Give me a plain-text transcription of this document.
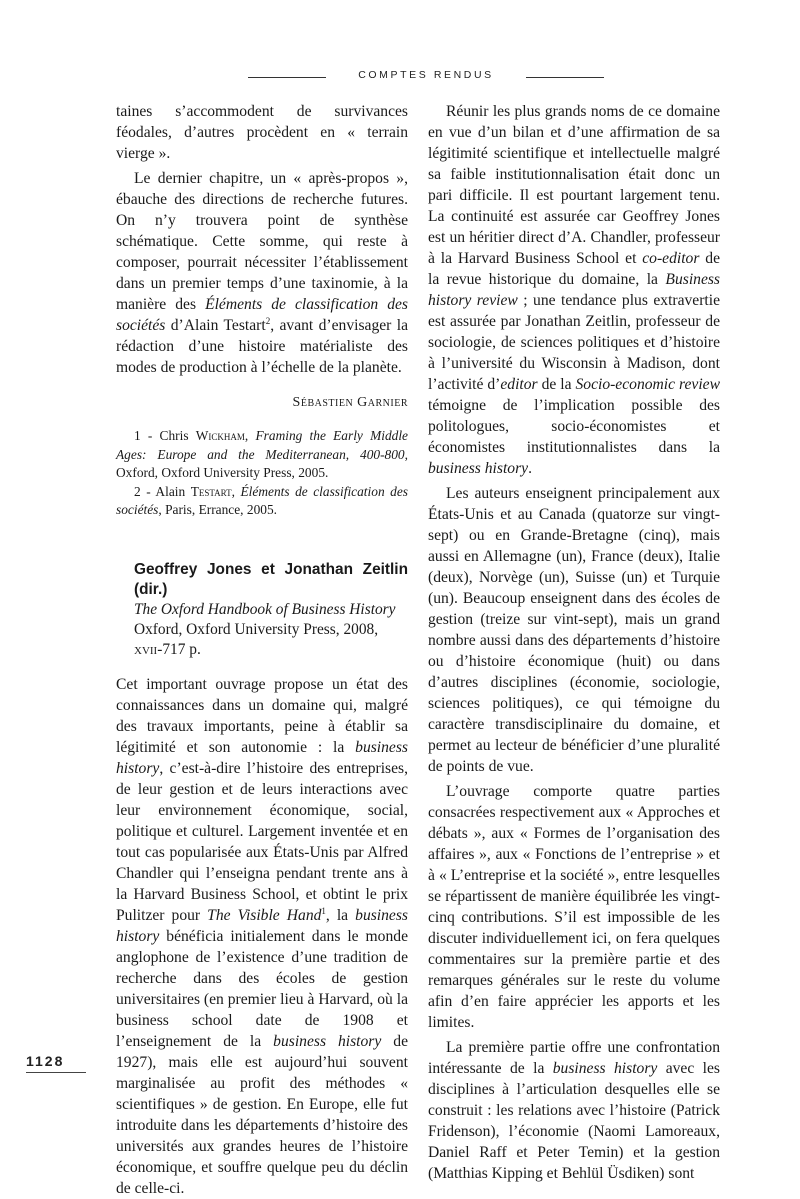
COMPTES RENDUS

taines s’accommodent de survivances féodales, d’autres procèdent en « terrain vierge ».

Le dernier chapitre, un « après-propos », ébauche des directions de recherche futures. On n’y trouvera point de synthèse schématique. Cette somme, qui reste à composer, pourrait nécessiter l’établissement dans un premier temps d’une taxinomie, à la manière des Éléments de classification des sociétés d’Alain Testart$^2$, avant d’envisager la rédaction d’une histoire matérialiste des modes de production à l’échelle de la planète.

Sébastien Garnier

1 - Chris Wickham, Framing the Early Middle Ages: Europe and the Mediterranean, 400-800, Oxford, Oxford University Press, 2005.

2 - Alain Testart, Éléments de classification des sociétés, Paris, Errance, 2005.

Geoffrey Jones et Jonathan Zeitlin (dir.)
The Oxford Handbook of Business History
Oxford, Oxford University Press, 2008,
xvii-717 p.

Cet important ouvrage propose un état des connaissances dans un domaine qui, malgré des travaux importants, peine à établir sa légitimité et son autonomie : la business history, c’est-à-dire l’histoire des entreprises, de leur gestion et de leurs interactions avec leur environnement économique, social, politique et culturel. Largement inventée et en tout cas popularisée aux États-Unis par Alfred Chandler qui l’enseigna pendant trente ans à la Harvard Business School, et obtint le prix Pulitzer pour The Visible Hand$^1$, la business history bénéficia initialement dans le monde anglophone de l’existence d’une tradition de recherche dans des écoles de gestion universitaires (en premier lieu à Harvard, où la business school date de 1908 et l’enseignement de la business history de 1927), mais elle est aujourd’hui souvent marginalisée au profit des méthodes « scientifiques » de gestion. En Europe, elle fut introduite dans les départements d’histoire des universités aux grandes heures de l’histoire économique, et souffre quelque peu du déclin de celle-ci.

Réunir les plus grands noms de ce domaine en vue d’un bilan et d’une affirmation de sa légitimité scientifique et intellectuelle malgré sa faible institutionnalisation était donc un pari difficile. Il est pourtant largement tenu. La continuité est assurée car Geoffrey Jones est un héritier direct d’A. Chandler, professeur à la Harvard Business School et co-editor de la revue historique du domaine, la Business history review ; une tendance plus extravertie est assurée par Jonathan Zeitlin, professeur de sociologie, de sciences politiques et d’histoire à l’université du Wisconsin à Madison, dont l’activité d’editor de la Socio-economic review témoigne de l’implication possible des politologues, socio-économistes et économistes institutionnalistes dans la business history.

Les auteurs enseignent principalement aux États-Unis et au Canada (quatorze sur vingt-sept) ou en Grande-Bretagne (cinq), mais aussi en Allemagne (un), France (deux), Italie (deux), Norvège (un), Suisse (un) et Turquie (un). Beaucoup enseignent dans des écoles de gestion (treize sur vint-sept), mais un grand nombre aussi dans des départements d’histoire ou d’histoire économique (huit) ou dans d’autres disciplines (économie, sociologie, sciences politiques), ce qui témoigne du caractère transdisciplinaire du domaine, et permet au lecteur de bénéficier d’une pluralité de points de vue.

L’ouvrage comporte quatre parties consacrées respectivement aux « Approches et débats », aux « Formes de l’organisation des affaires », aux « Fonctions de l’entreprise » et à « L’entreprise et la société », entre lesquelles se répartissent de manière équilibrée les vingt-cinq contributions. S’il est impossible de les discuter individuellement ici, on fera quelques commentaires sur la première partie et des remarques générales sur le reste du volume afin d’en faire apprécier les apports et les limites.

La première partie offre une confrontation intéressante de la business history avec les disciplines à l’articulation desquelles elle se construit : les relations avec l’histoire (Patrick Fridenson), l’économie (Naomi Lamoreaux, Daniel Raff et Peter Temin) et la gestion (Matthias Kipping et Behlül Üsdiken) sont

1128
